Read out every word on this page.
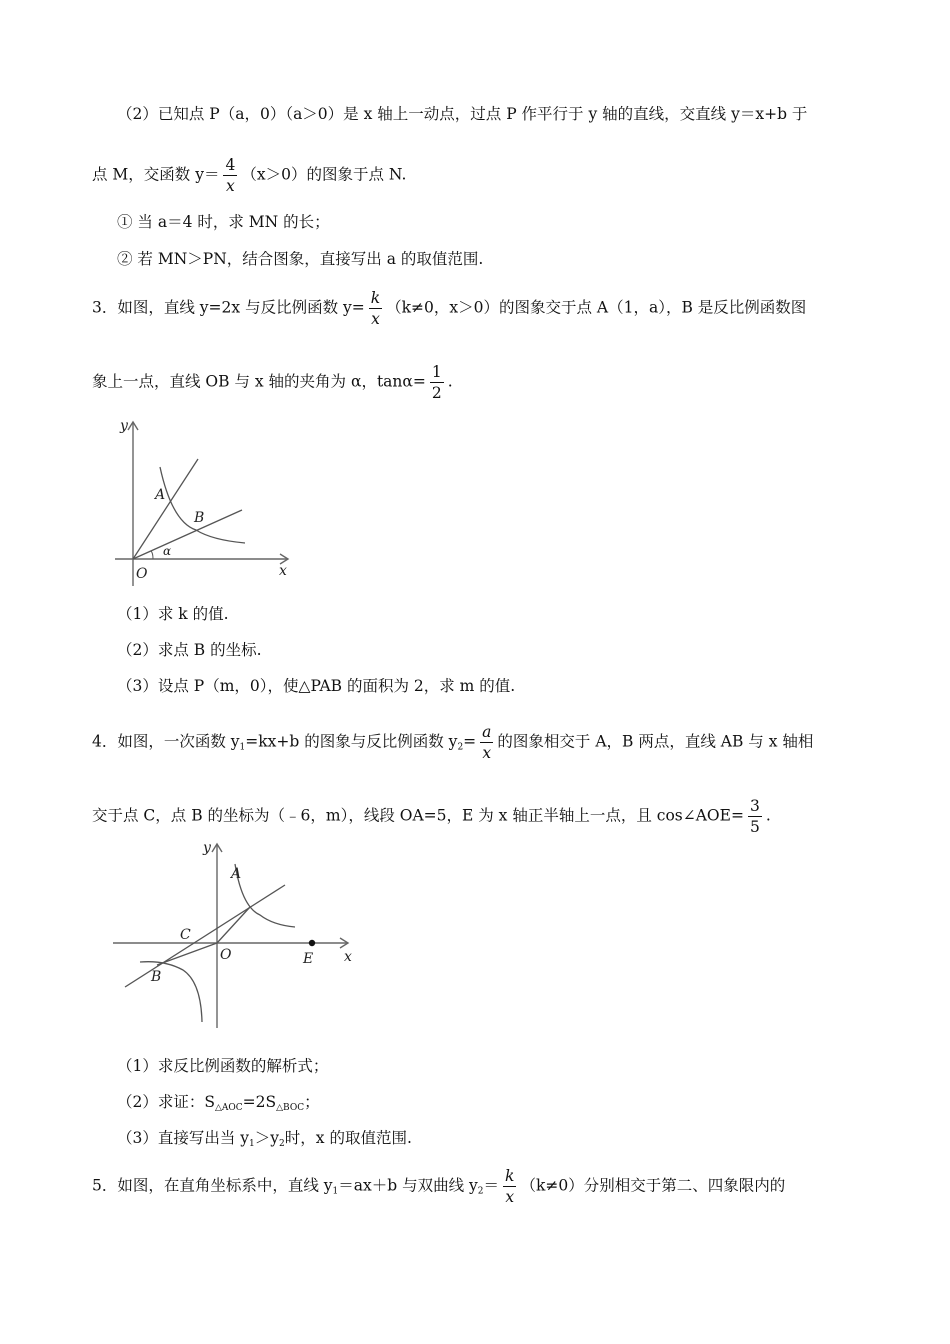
（2）已知点 P（a，0）（a＞0）是 x 轴上一动点，过点 P 作平行于 y 轴的直线，交直线 y＝x+b 于
点 M，交函数 $y= \frac{4}{x} (x>0)$的图象于点 N.
① 当 a＝4 时，求 MN 的长；
② 若 MN＞PN，结合图象，直接写出 a 的取值范围.
3．如图，直线 y=2x 与反比例函数 $y= \frac{k}{x} (k\ne 0$，x＞0）的图象交于点 A（1，a），B 是反比例函数图
象上一点，直线 OB 与 x 轴的夹角为 α，$\tan\alpha= \frac{1}{2}$ .
y
x
O
A
B
α
（1）求 k 的值.
（2）求点 B 的坐标.
（3）设点 P（m，0），使△PAB 的面积为 2，求 m 的值.
4．如图，一次函数 $y_1=kx+b$ 的图象与反比例函数 $y_2= \frac{a}{x}$ 的图象相交于 A，B 两点，直线 AB 与 x 轴相
交于点 C，点 B 的坐标为（﹣6，m），线段 OA=5，E 为 x 轴正半轴上一点，且 cos∠AOE= $\frac{3}{5}$ .
y
x
O
A
B
C
E
（1）求反比例函数的解析式；
（2）求证：$S_{\triangle AOC}=2S_{\triangle BOC}$；
（3）直接写出当 $y_1>y_2$时，x 的取值范围.
5．如图，在直角坐标系中，直线 $y_1=ax+b$ 与双曲线 $y_2= \frac{k}{x} (k\ne 0)$分别相交于第二、四象限内的
